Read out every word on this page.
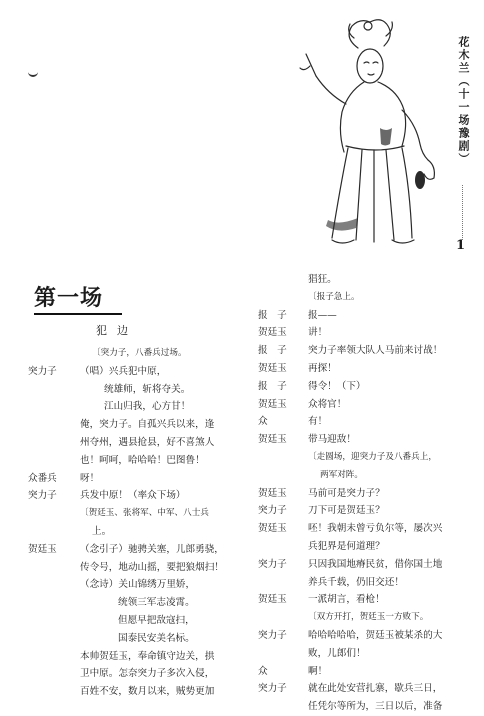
花木兰（十一场豫剧）
1
第一场
犯边
〔突力子，八番兵过场。
突力子	（唱）兴兵犯中原，
统雄师，斩将夺关。
江山归我，心方甘！
俺，突力子。自孤兴兵以来，逢
州夺州，遇县抢县，好不喜煞人
也！呵呵，哈哈哈！巴图鲁！
众番兵	呀！
突力子	兵发中原！（率众下场）
〔贺廷玉、张将军、中军、八士兵
上。
贺廷玉	（念引子）驰骋关塞，儿郎勇骁，
传令号，地动山摇，要把狼烟扫！
（念诗）关山锦绣万里娇，
统领三军志凌霄。
但愿早把敌寇扫，
国泰民安美名标。
本帅贺廷玉，奉命镇守边关，拱
卫中原。怎奈突力子多次入侵，
百姓不安，数月以来，贼势更加
猖狂。
〔报子急上。
报　子	报——
贺廷玉	讲！
报　子	突力子率领大队人马前来讨战！
贺廷玉	再探！
报　子	得令！（下）
贺廷玉	众将官！
众	有！
贺廷玉	带马迎敌！
〔走圆场，迎突力子及八番兵上，
两军对阵。
贺廷玉	马前可是突力子？
突力子	刀下可是贺廷玉？
贺廷玉	呸！我朝未曾亏负尔等，屡次兴
兵犯界是何道理？
突力子	只因我国地瘠民贫，借你国土地
养兵千载，仍旧交还！
贺廷玉	一派胡言，看枪！
〔双方开打，贺廷玉一方败下。
突力子	哈哈哈哈哈，贺廷玉被某杀的大
败，儿郎们！
众	啊！
突力子	就在此处安营扎寨，歇兵三日，
任凭尔等所为，三日以后，准备
